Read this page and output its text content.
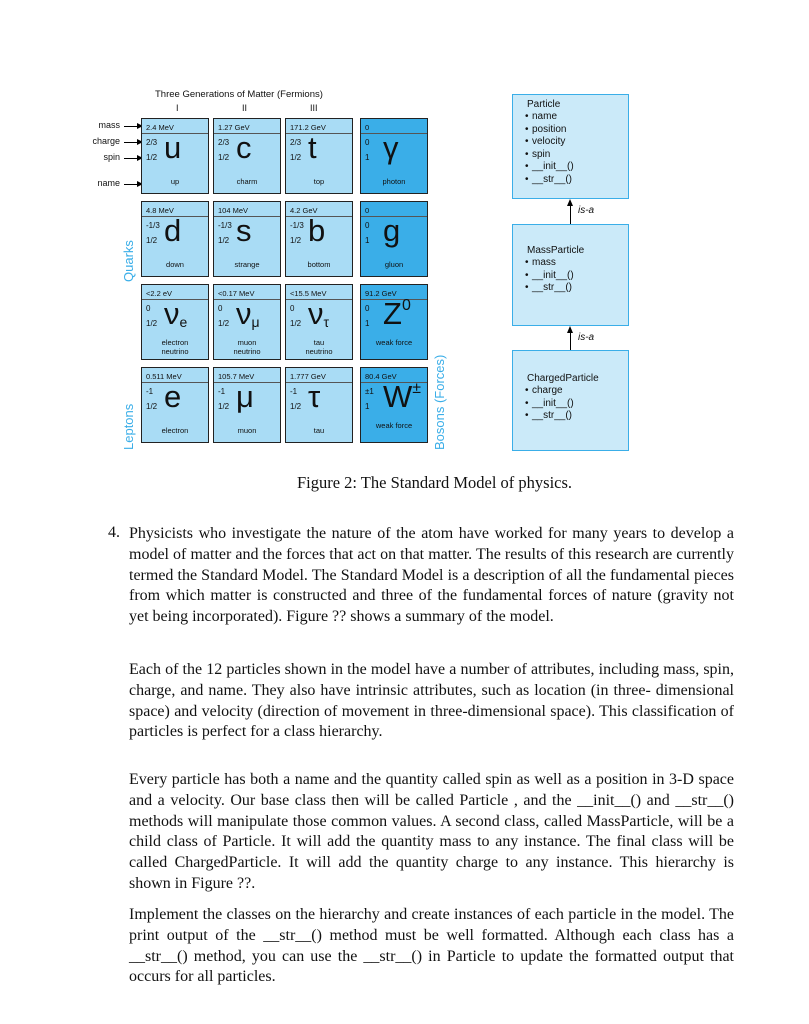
Three Generations of Matter (Fermions)
I	II	III
mass
charge
spin
name
2.4 MeV
2/3
1/2 u
up
1.27 GeV
2/3
1/2 c
charm
171.2 GeV
2/3
1/2 t
top
0
0
1 γ
photon
4.8 MeV
-1/3
1/2 d
down
104 MeV
-1/3
1/2 s
strange
4.2 GeV
-1/3
1/2 b
bottom
0
0
1 g
gluon
<2.2 eV
0
1/2 $\nu_e$
electron neutrino
<0.17 MeV
0
1/2 $\nu_\mu$
muon neutrino
<15.5 MeV
0
1/2 $\nu_\tau$
tau neutrino
91.2 GeV
0
1 $Z^0$
weak force
0.511 MeV
-1
1/2 e
electron
105.7 MeV
-1
1/2 μ
muon
1.777 GeV
-1
1/2 τ
tau
80.4 GeV
±1
1 W±
weak force
Quarks
Leptons	Bosons (Forces)
Particle
• name
• position
• velocity
• spin
• __init__()
• __str__()
is-a
MassParticle
• mass
• __init__()
• __str__()
is-a
ChargedParticle
• charge
• __init__()
• __str__()
Figure 2: The Standard Model of physics.
4. Physicists who investigate the nature of the atom have worked for many years to develop a model of matter and the forces that act on that matter. The results of this research are currently termed the Standard Model. The Standard Model is a description of all the fundamental pieces from which matter is constructed and three of the fundamental forces of nature (gravity not yet being incorporated). Figure ?? shows a summary of the model.

Each of the 12 particles shown in the model have a number of attributes, including mass, spin, charge, and name. They also have intrinsic attributes, such as location (in three- dimensional space) and velocity (direction of movement in three-dimensional space). This classification of particles is perfect for a class hierarchy.

Every particle has both a name and the quantity called spin as well as a position in 3-D space and a velocity. Our base class then will be called Particle , and the __init__() and __str__() methods will manipulate those common values. A second class, called MassParticle, will be a child class of Particle. It will add the quantity mass to any instance. The final class will be called ChargedParticle. It will add the quantity charge to any instance. This hierarchy is shown in Figure ??.

Implement the classes on the hierarchy and create instances of each particle in the model. The print output of the __str__() method must be well formatted. Although each class has a __str__() method, you can use the __str__() in Particle to update the formatted output that occurs for all particles.
